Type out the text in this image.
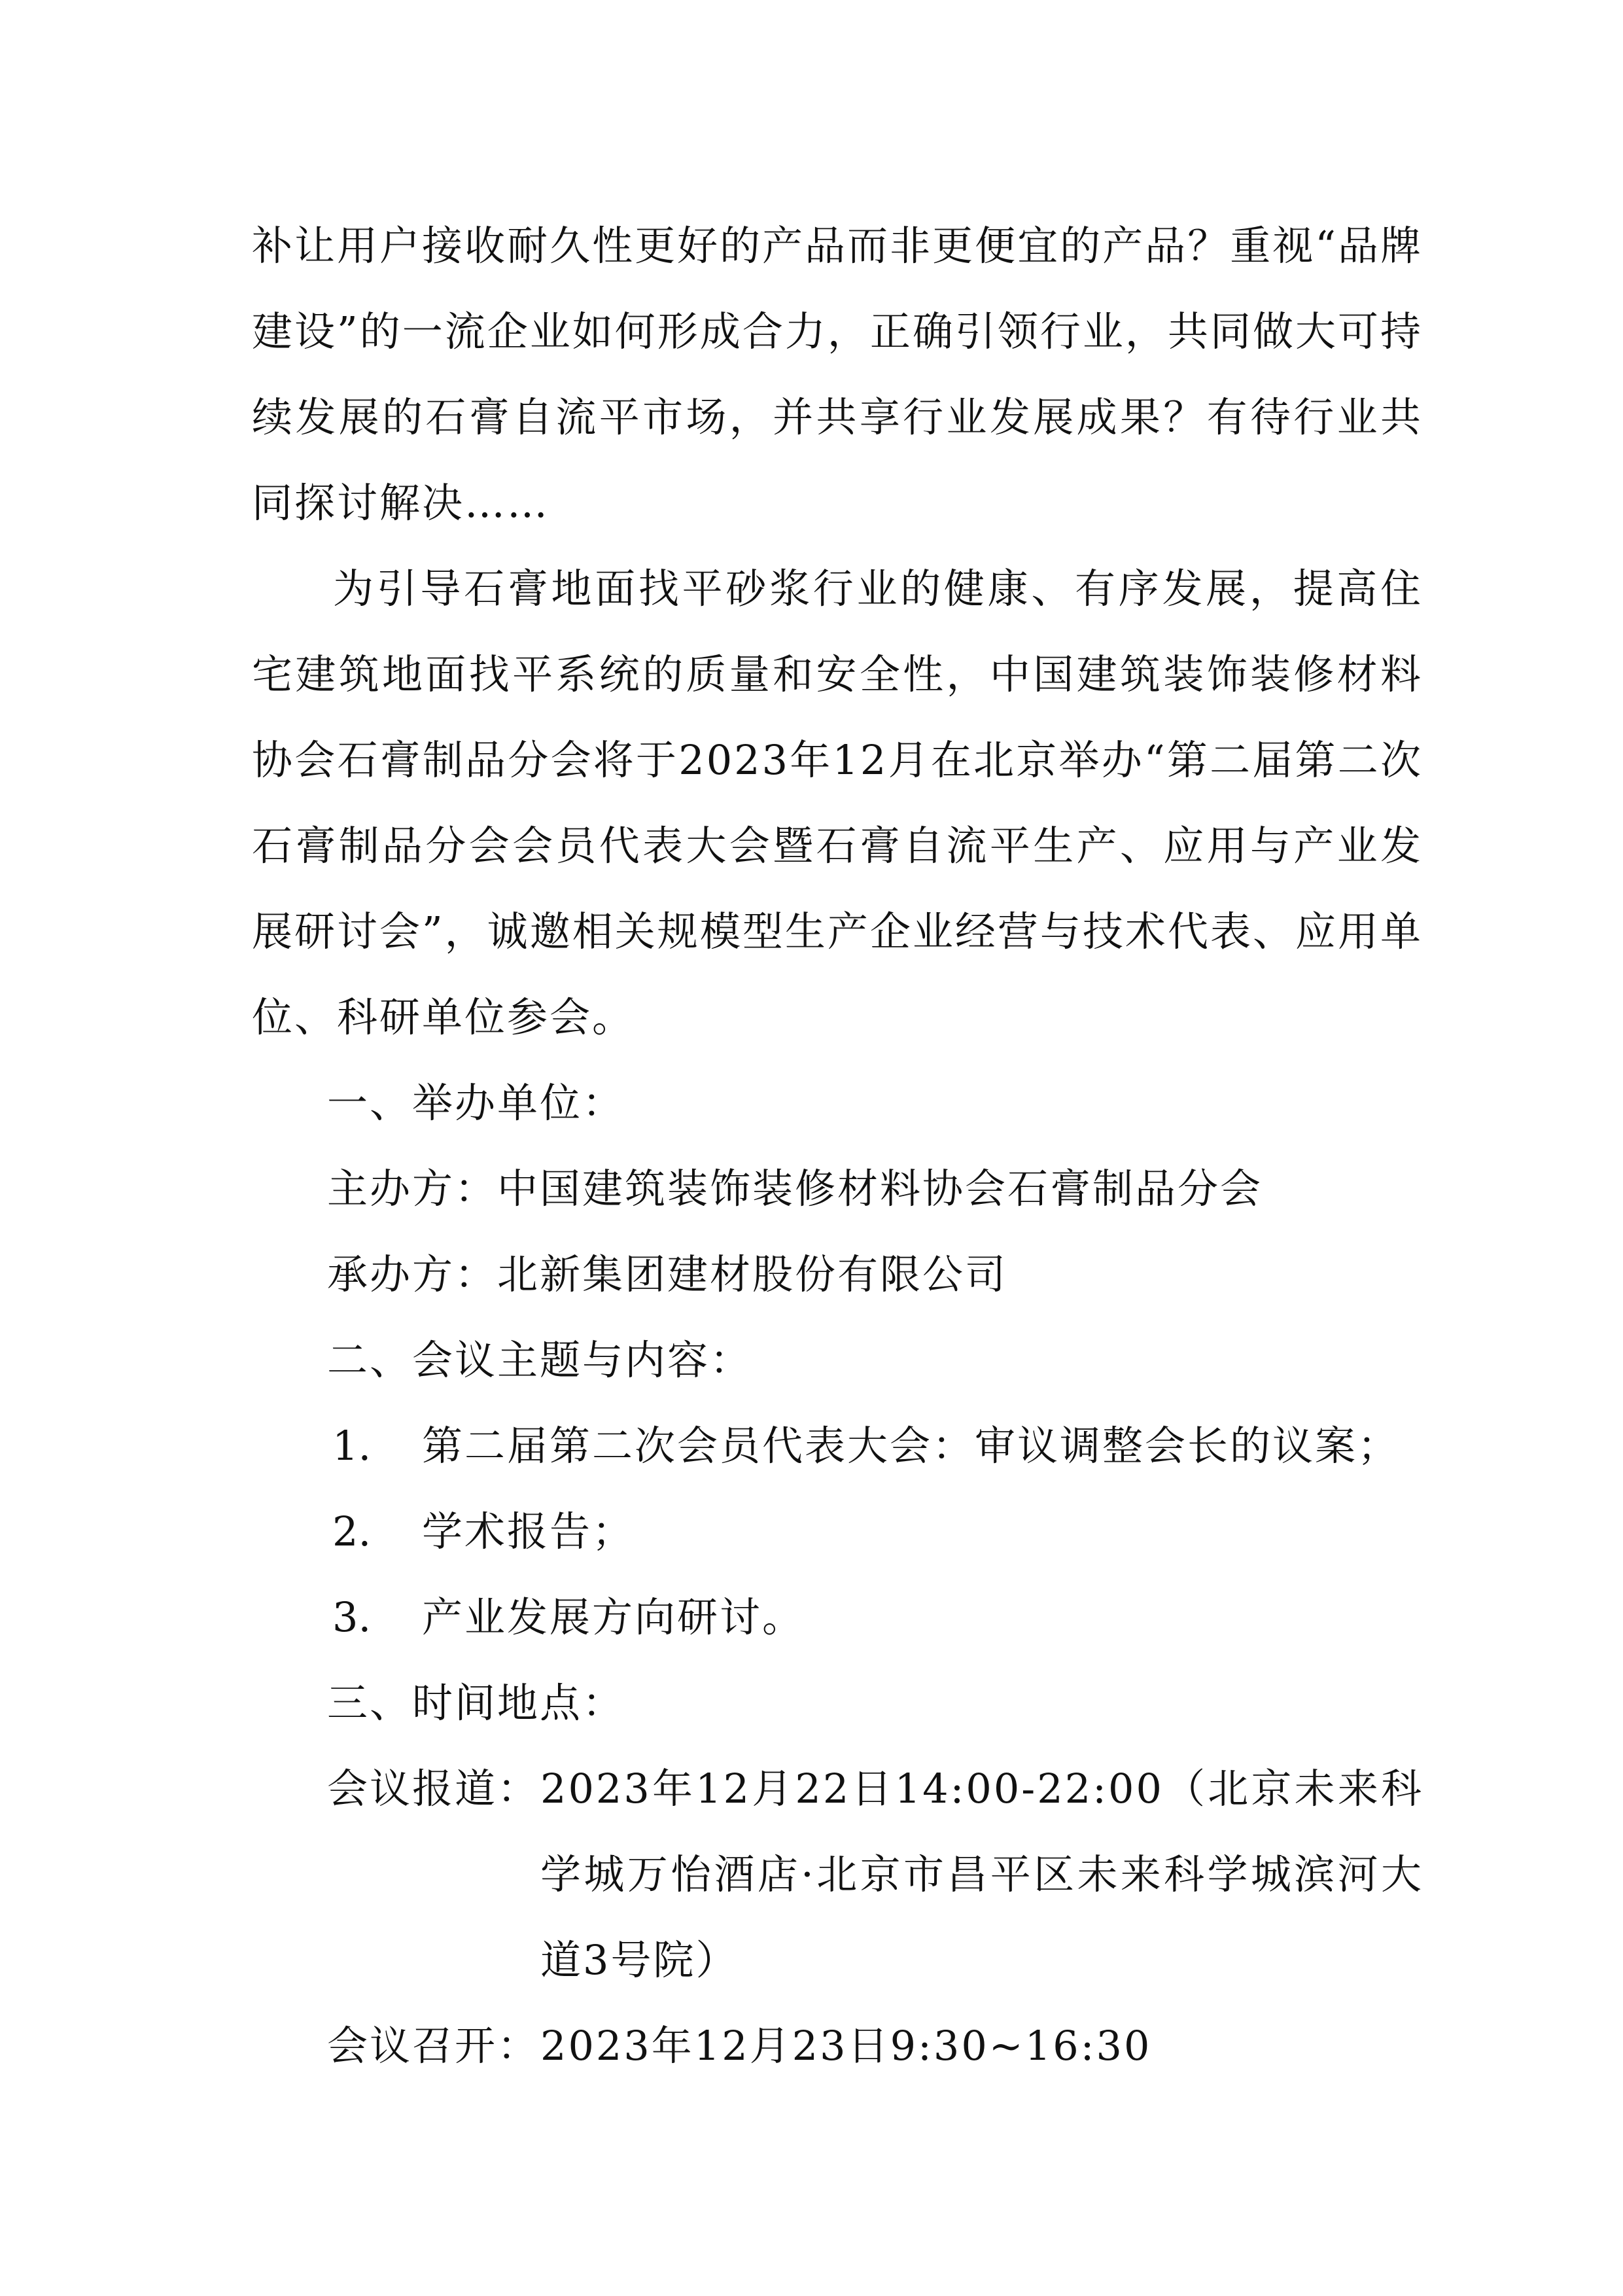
补让用户接收耐久性更好的产品而非更便宜的产品？重视“品牌建设”的一流企业如何形成合力，正确引领行业，共同做大可持续发展的石膏自流平市场，并共享行业发展成果？有待行业共同探讨解决……
为引导石膏地面找平砂浆行业的健康、有序发展，提高住宅建筑地面找平系统的质量和安全性，中国建筑装饰装修材料协会石膏制品分会将于2023年12月在北京举办“第二届第二次石膏制品分会会员代表大会暨石膏自流平生产、应用与产业发展研讨会”，诚邀相关规模型生产企业经营与技术代表、应用单位、科研单位参会。
一、举办单位：
主办方：中国建筑装饰装修材料协会石膏制品分会
承办方：北新集团建材股份有限公司
二、会议主题与内容：
1. 第二届第二次会员代表大会：审议调整会长的议案；
2. 学术报告；
3. 产业发展方向研讨。
三、时间地点：
会议报道： 2023年12月22日14:00-22:00（北京未来科学城万怡酒店·北京市昌平区未来科学城滨河大道3号院）
会议召开： 2023年12月23日9:30~16:30
